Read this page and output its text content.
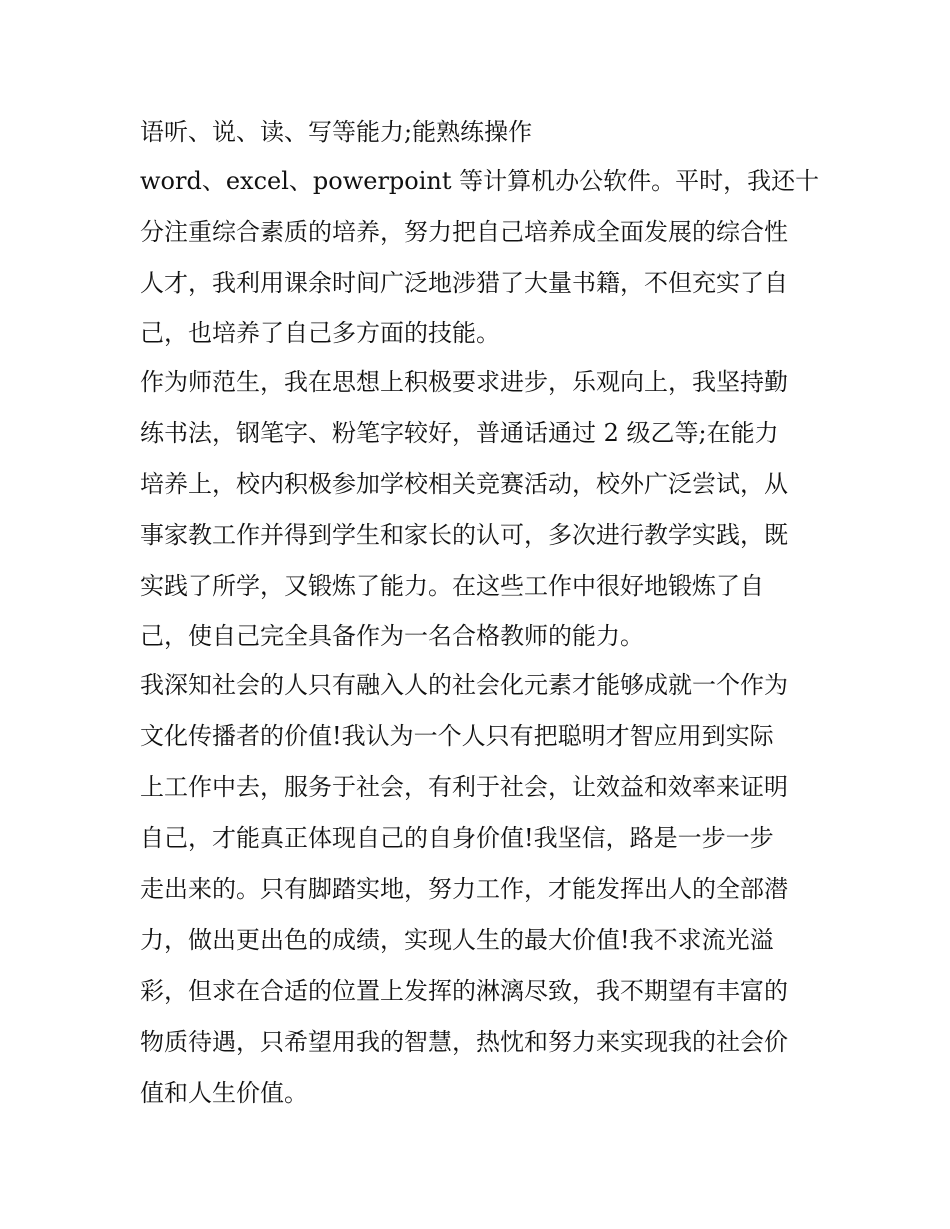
语听、说、读、写等能力;能熟练操作
word、excel、powerpoint 等计算机办公软件。平时，我还十
分注重综合素质的培养，努力把自己培养成全面发展的综合性
人才，我利用课余时间广泛地涉猎了大量书籍，不但充实了自
己，也培养了自己多方面的技能。
作为师范生，我在思想上积极要求进步，乐观向上，我坚持勤
练书法，钢笔字、粉笔字较好，普通话通过 2 级乙等;在能力
培养上，校内积极参加学校相关竞赛活动，校外广泛尝试，从
事家教工作并得到学生和家长的认可，多次进行教学实践，既
实践了所学，又锻炼了能力。在这些工作中很好地锻炼了自
己，使自己完全具备作为一名合格教师的能力。
我深知社会的人只有融入人的社会化元素才能够成就一个作为
文化传播者的价值!我认为一个人只有把聪明才智应用到实际
上工作中去，服务于社会，有利于社会，让效益和效率来证明
自己，才能真正体现自己的自身价值!我坚信，路是一步一步
走出来的。只有脚踏实地，努力工作，才能发挥出人的全部潜
力，做出更出色的成绩，实现人生的最大价值!我不求流光溢
彩，但求在合适的位置上发挥的淋漓尽致，我不期望有丰富的
物质待遇，只希望用我的智慧，热忱和努力来实现我的社会价
值和人生价值。
